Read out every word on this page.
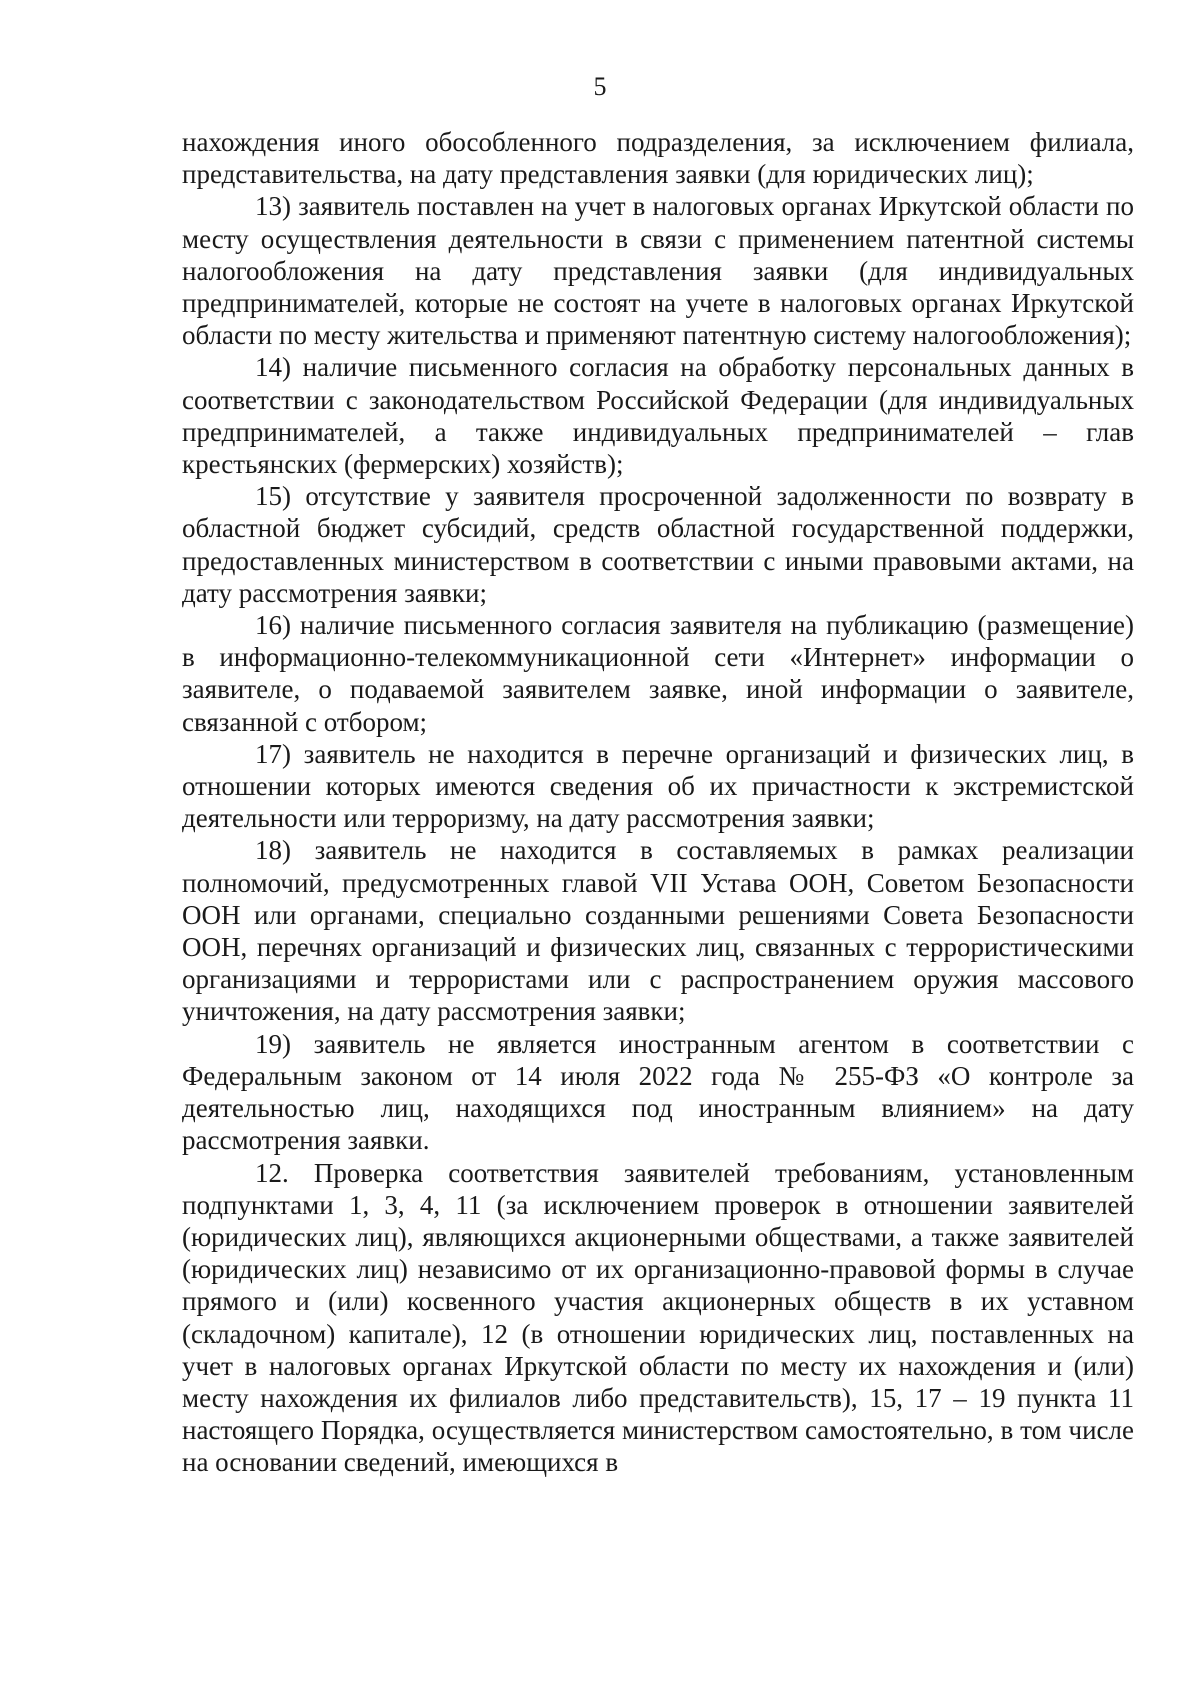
5

нахождения иного обособленного подразделения, за исключением филиала, представительства, на дату представления заявки (для юридических лиц);

13) заявитель поставлен на учет в налоговых органах Иркутской области по месту осуществления деятельности в связи с применением патентной системы налогообложения на дату представления заявки (для индивидуальных предпринимателей, которые не состоят на учете в налоговых органах Иркутской области по месту жительства и применяют патентную систему налогообложения);

14) наличие письменного согласия на обработку персональных данных в соответствии с законодательством Российской Федерации (для индивидуальных предпринимателей, а также индивидуальных предпринимателей – глав крестьянских (фермерских) хозяйств);

15) отсутствие у заявителя просроченной задолженности по возврату в областной бюджет субсидий, средств областной государственной поддержки, предоставленных министерством в соответствии с иными правовыми актами, на дату рассмотрения заявки;

16) наличие письменного согласия заявителя на публикацию (размещение) в информационно-телекоммуникационной сети «Интернет» информации о заявителе, о подаваемой заявителем заявке, иной информации о заявителе, связанной с отбором;

17) заявитель не находится в перечне организаций и физических лиц, в отношении которых имеются сведения об их причастности к экстремистской деятельности или терроризму, на дату рассмотрения заявки;

18) заявитель не находится в составляемых в рамках реализации полномочий, предусмотренных главой VII Устава ООН, Советом Безопасности ООН или органами, специально созданными решениями Совета Безопасности ООН, перечнях организаций и физических лиц, связанных с террористическими организациями и террористами или с распространением оружия массового уничтожения, на дату рассмотрения заявки;

19) заявитель не является иностранным агентом в соответствии с Федеральным законом от 14 июля 2022 года № 255-ФЗ «О контроле за деятельностью лиц, находящихся под иностранным влиянием» на дату рассмотрения заявки.

12. Проверка соответствия заявителей требованиям, установленным подпунктами 1, 3, 4, 11 (за исключением проверок в отношении заявителей (юридических лиц), являющихся акционерными обществами, а также заявителей (юридических лиц) независимо от их организационно-правовой формы в случае прямого и (или) косвенного участия акционерных обществ в их уставном (складочном) капитале), 12 (в отношении юридических лиц, поставленных на учет в налоговых органах Иркутской области по месту их нахождения и (или) месту нахождения их филиалов либо представительств), 15, 17 – 19 пункта 11 настоящего Порядка, осуществляется министерством самостоятельно, в том числе на основании сведений, имеющихся в
